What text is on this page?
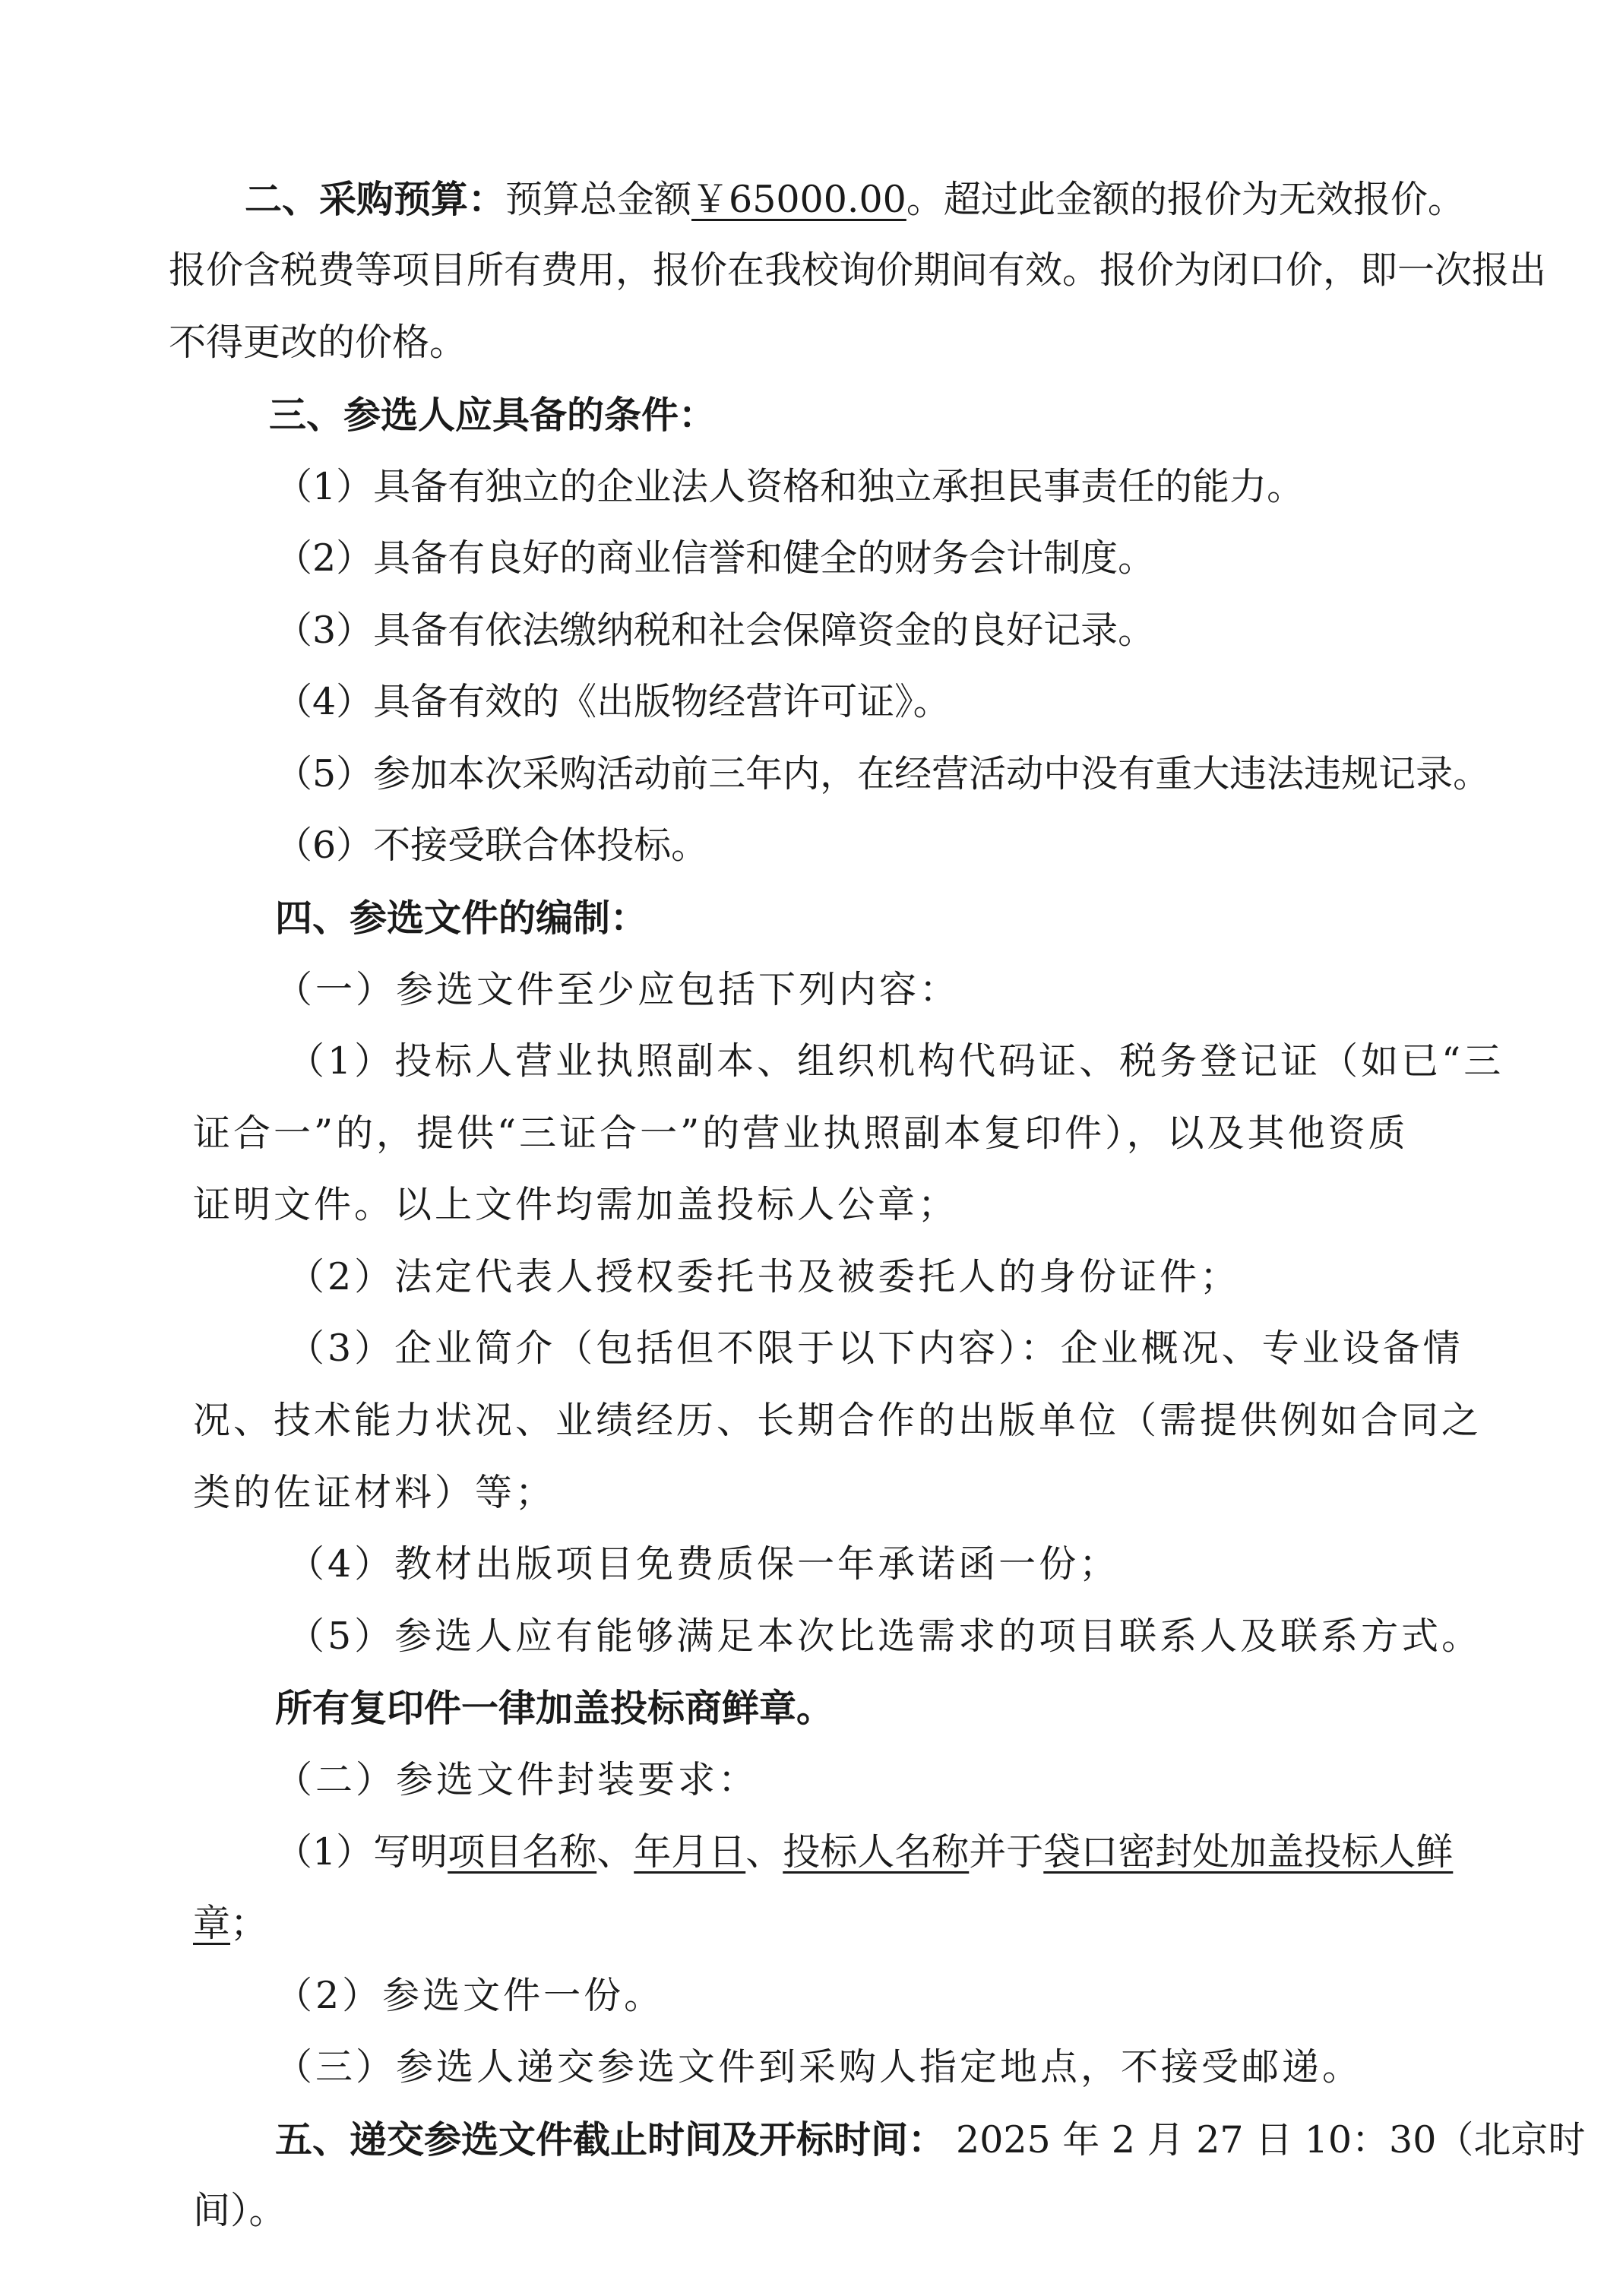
二、采购预算：预算总金额￥65000.00。超过此金额的报价为无效报价。
报价含税费等项目所有费用，报价在我校询价期间有效。报价为闭口价，即一次报出
不得更改的价格。
三、参选人应具备的条件：
（1）具备有独立的企业法人资格和独立承担民事责任的能力。
（2）具备有良好的商业信誉和健全的财务会计制度。
（3）具备有依法缴纳税和社会保障资金的良好记录。
（4）具备有效的《出版物经营许可证》。
（5）参加本次采购活动前三年内，在经营活动中没有重大违法违规记录。
（6）不接受联合体投标。
四、参选文件的编制：
（一）参选文件至少应包括下列内容：
（1）投标人营业执照副本、组织机构代码证、税务登记证（如已“三
证合一”的，提供“三证合一”的营业执照副本复印件），以及其他资质
证明文件。以上文件均需加盖投标人公章；
（2）法定代表人授权委托书及被委托人的身份证件；
（3）企业简介（包括但不限于以下内容）：企业概况、专业设备情
况、技术能力状况、业绩经历、长期合作的出版单位（需提供例如合同之
类的佐证材料）等；
（4）教材出版项目免费质保一年承诺函一份；
（5）参选人应有能够满足本次比选需求的项目联系人及联系方式。
所有复印件一律加盖投标商鲜章。
（二）参选文件封装要求：
（1）写明项目名称、年月日、投标人名称并于袋口密封处加盖投标人鲜
章；
（2）参选文件一份。
（三）参选人递交参选文件到采购人指定地点，不接受邮递。
五、递交参选文件截止时间及开标时间： 2025 年 2 月 27 日 10：30（北京时
间）。
